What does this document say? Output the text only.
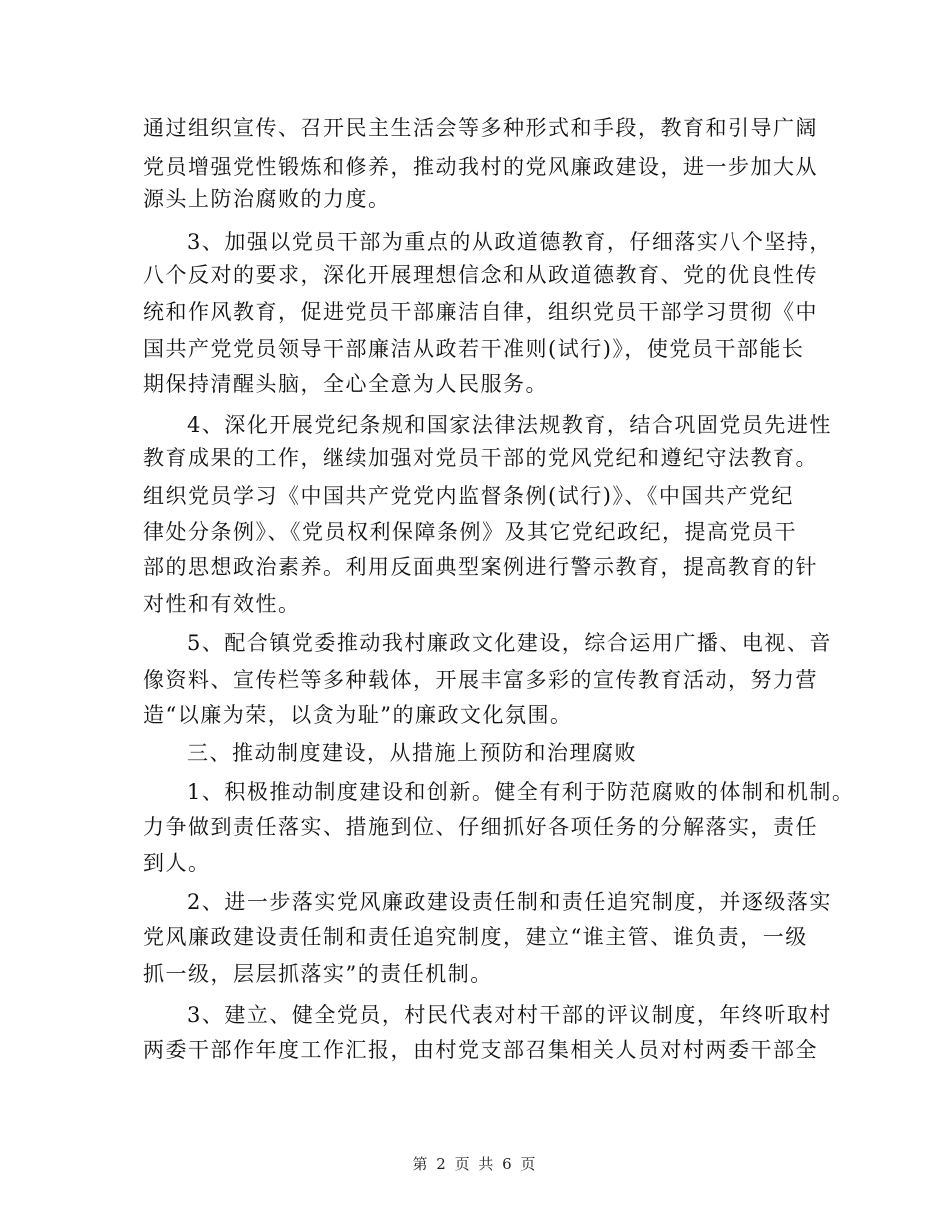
通过组织宣传、召开民主生活会等多种形式和手段，教育和引导广阔
党员增强党性锻炼和修养，推动我村的党风廉政建设，进一步加大从
源头上防治腐败的力度。
3、加强以党员干部为重点的从政道德教育，仔细落实八个坚持，
八个反对的要求，深化开展理想信念和从政道德教育、党的优良性传
统和作风教育，促进党员干部廉洁自律，组织党员干部学习贯彻《中
国共产党党员领导干部廉洁从政若干准则(试行)》，使党员干部能长
期保持清醒头脑，全心全意为人民服务。
4、深化开展党纪条规和国家法律法规教育，结合巩固党员先进性
教育成果的工作，继续加强对党员干部的党风党纪和遵纪守法教育。
组织党员学习《中国共产党党内监督条例(试行)》、《中国共产党纪
律处分条例》、《党员权利保障条例》及其它党纪政纪，提高党员干
部的思想政治素养。利用反面典型案例进行警示教育，提高教育的针
对性和有效性。
5、配合镇党委推动我村廉政文化建设，综合运用广播、电视、音
像资料、宣传栏等多种载体，开展丰富多彩的宣传教育活动，努力营
造“以廉为荣，以贪为耻”的廉政文化氛围。
三、推动制度建设，从措施上预防和治理腐败
1、积极推动制度建设和创新。健全有利于防范腐败的体制和机制。
力争做到责任落实、措施到位、仔细抓好各项任务的分解落实，责任
到人。
2、进一步落实党风廉政建设责任制和责任追究制度，并逐级落实
党风廉政建设责任制和责任追究制度，建立“谁主管、谁负责，一级
抓一级，层层抓落实”的责任机制。
3、建立、健全党员，村民代表对村干部的评议制度，年终听取村
两委干部作年度工作汇报，由村党支部召集相关人员对村两委干部全
第 2 页 共 6 页
